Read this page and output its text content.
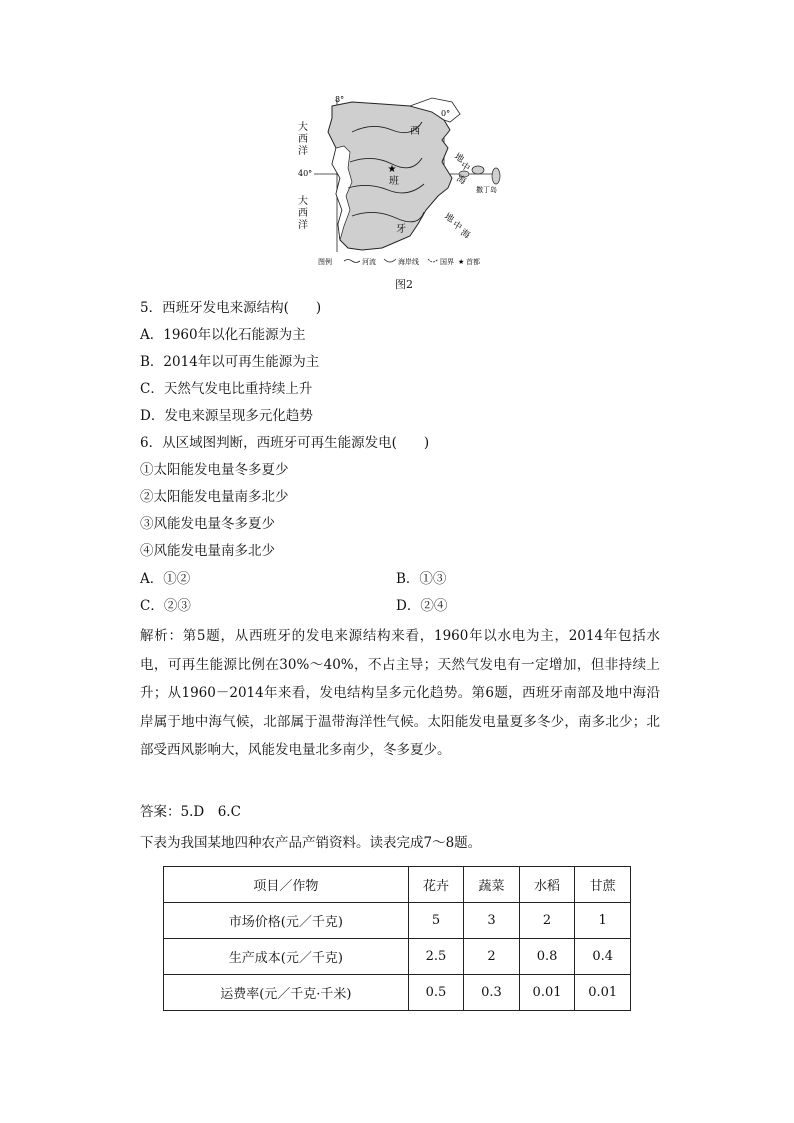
★
8°
0°
40°
大
西
洋
大
西
洋
西
班
牙
地
中
海
地
中
海
撒丁岛
图例	河流	海岸线	国界 ★ 首都
图2
5．西班牙发电来源结构(　　)
A．1960年以化石能源为主
B．2014年以可再生能源为主
C．天然气发电比重持续上升
D．发电来源呈现多元化趋势
6．从区域图判断，西班牙可再生能源发电(　　)
①太阳能发电量冬多夏少
②太阳能发电量南多北少
③风能发电量冬多夏少
④风能发电量南多北少
A．①②	B．①③
C．②③	D．②④
解析：第5题，从西班牙的发电来源结构来看，1960年以水电为主，2014年包括水电，可再生能源比例在30%～40%，不占主导；天然气发电有一定增加，但非持续上升；从1960－2014年来看，发电结构呈多元化趋势。第6题，西班牙南部及地中海沿岸属于地中海气候，北部属于温带海洋性气候。太阳能发电量夏多冬少，南多北少；北部受西风影响大，风能发电量北多南少，冬多夏少。
答案：5.D　6.C
下表为我国某地四种农产品产销资料。读表完成7～8题。
项目／作物	花卉	蔬菜	水稻	甘蔗
市场价格(元／千克)	5	3	2	1
生产成本(元／千克)	2.5	2	0.8	0.4
运费率(元／千克·千米)	0.5	0.3	0.01	0.01
